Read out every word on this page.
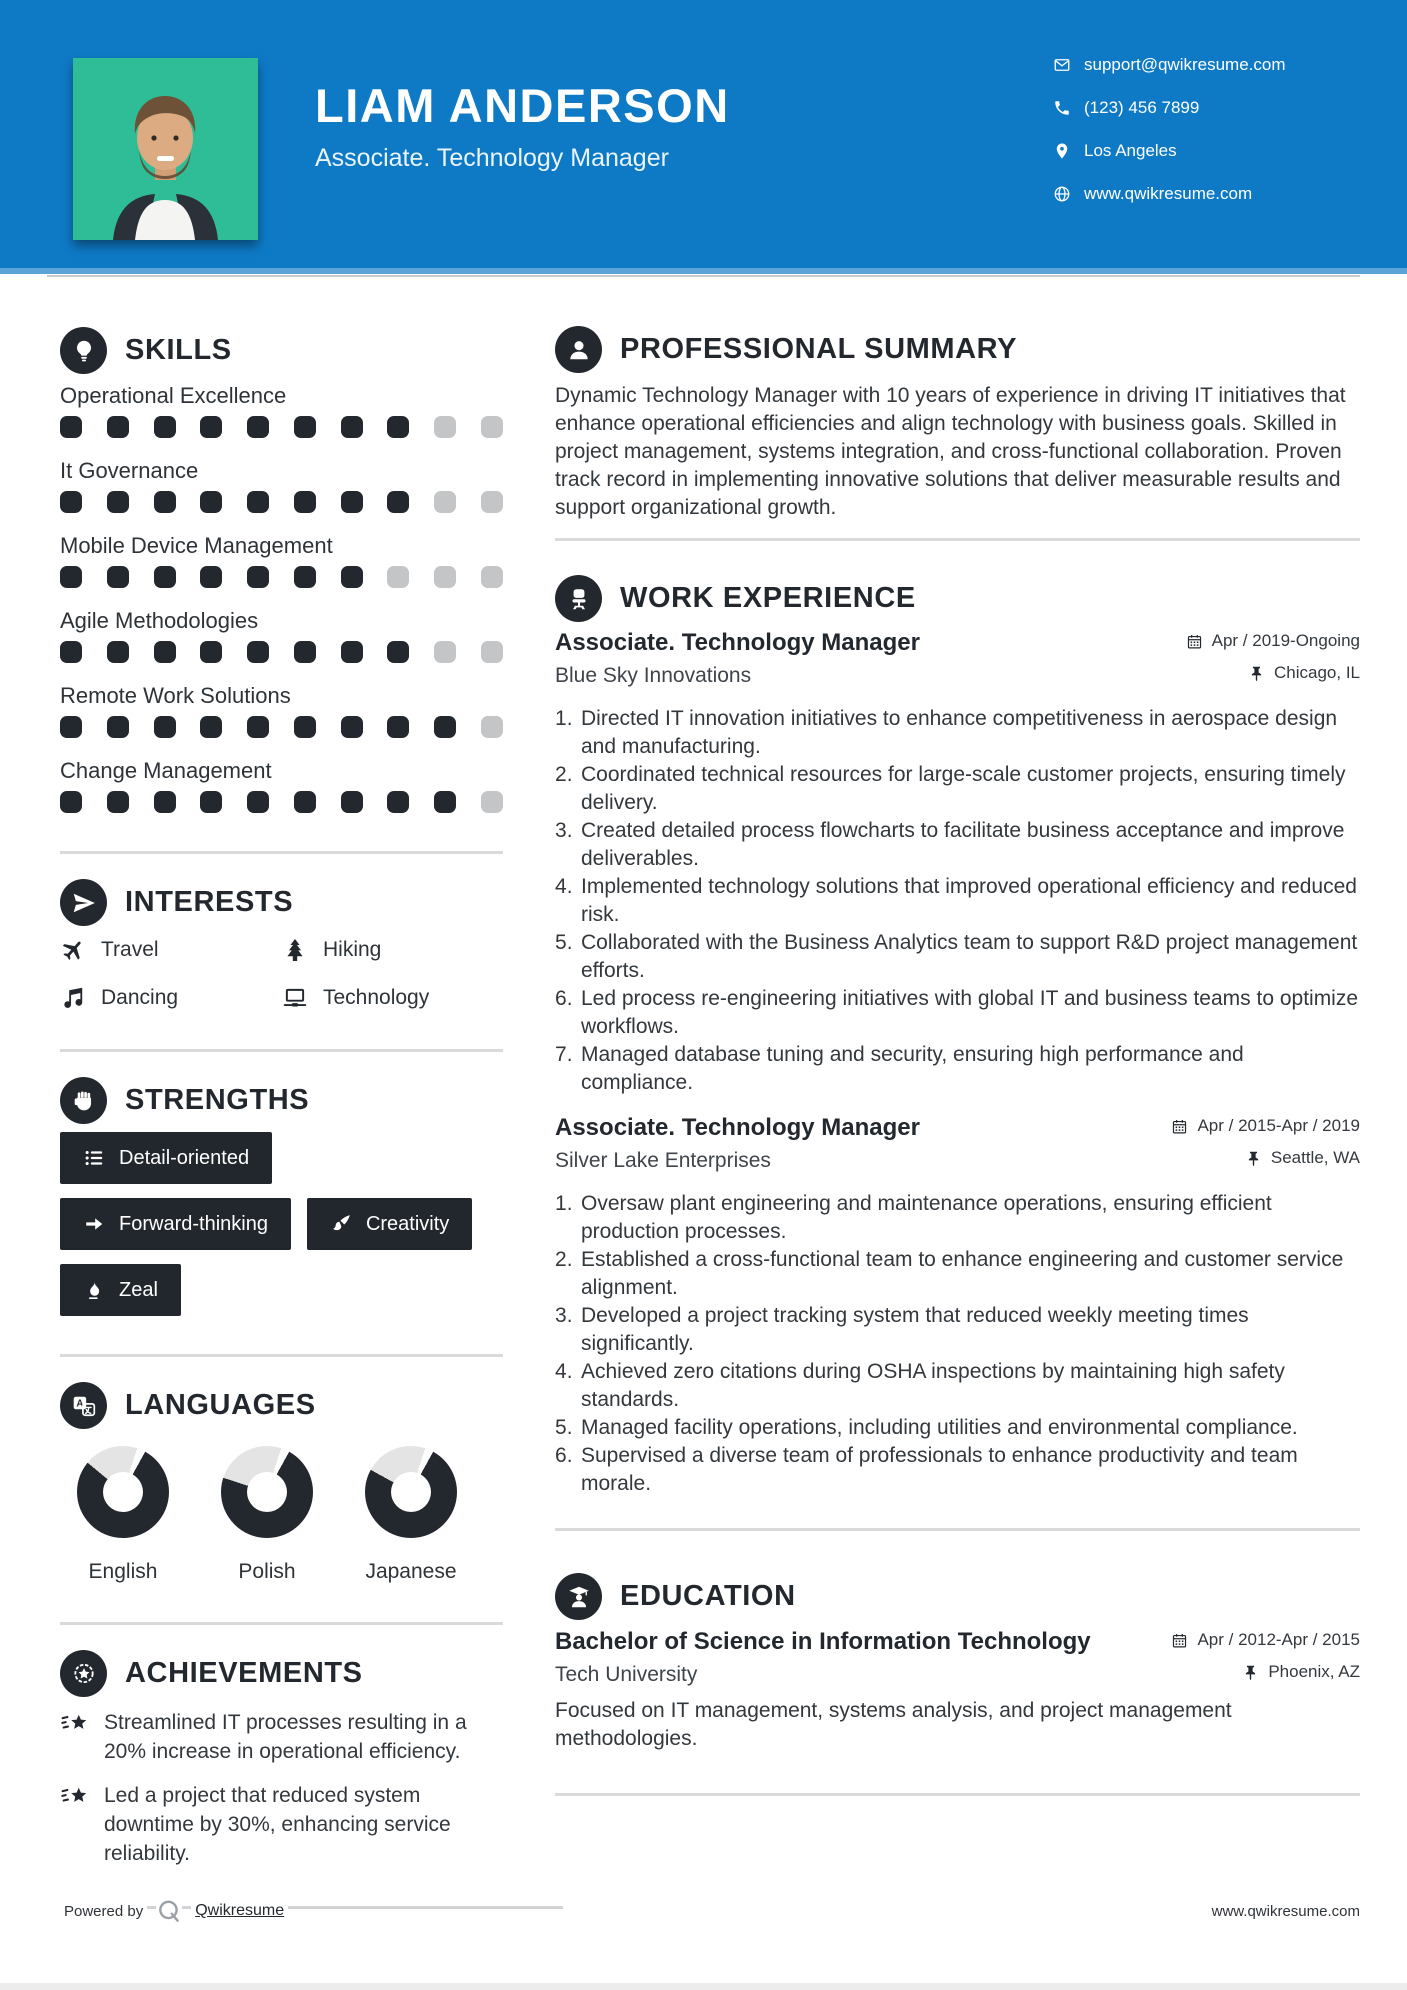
LIAM ANDERSON
Associate. Technology Manager
support@qwikresume.com
(123) 456 7899
Los Angeles
www.qwikresume.com
SKILLS
Operational Excellence
It Governance
Mobile Device Management
Agile Methodologies
Remote Work Solutions
Change Management
INTERESTS
Travel	Hiking
Dancing	Technology
STRENGTHS
Detail-oriented
Forward-thinking	Creativity
Zeal
A LANGUAGES
English	Polish	Japanese
ACHIEVEMENTS
Streamlined IT processes resulting in a 20% increase in operational efficiency.
Led a project that reduced system downtime by 30%, enhancing service reliability.
PROFESSIONAL SUMMARY

Dynamic Technology Manager with 10 years of experience in driving IT initiatives that enhance operational efficiencies and align technology with business goals. Skilled in project management, systems integration, and cross-functional collaboration. Proven track record in implementing innovative solutions that deliver measurable results and support organizational growth.

WORK EXPERIENCE
Associate. Technology Manager
Blue Sky Innovations
Apr / 2019-Ongoing
Chicago, IL
Directed IT innovation initiatives to enhance competitiveness in aerospace design and manufacturing.
Coordinated technical resources for large-scale customer projects, ensuring timely delivery.
Created detailed process flowcharts to facilitate business acceptance and improve deliverables.
Implemented technology solutions that improved operational efficiency and reduced risk.
Collaborated with the Business Analytics team to support R&D project management efforts.
Led process re-engineering initiatives with global IT and business teams to optimize workflows.
Managed database tuning and security, ensuring high performance and compliance.
Associate. Technology Manager
Silver Lake Enterprises
Apr / 2015-Apr / 2019
Seattle, WA
Oversaw plant engineering and maintenance operations, ensuring efficient production processes.
Established a cross-functional team to enhance engineering and customer service alignment.
Developed a project tracking system that reduced weekly meeting times significantly.
Achieved zero citations during OSHA inspections by maintaining high safety standards.
Managed facility operations, including utilities and environmental compliance.
Supervised a diverse team of professionals to enhance productivity and team morale.
EDUCATION
Bachelor of Science in Information Technology
Tech University
Apr / 2012-Apr / 2015
Phoenix, AZ
Focused on IT management, systems analysis, and project management methodologies.
Powered by	Qwikresume	www.qwikresume.com
